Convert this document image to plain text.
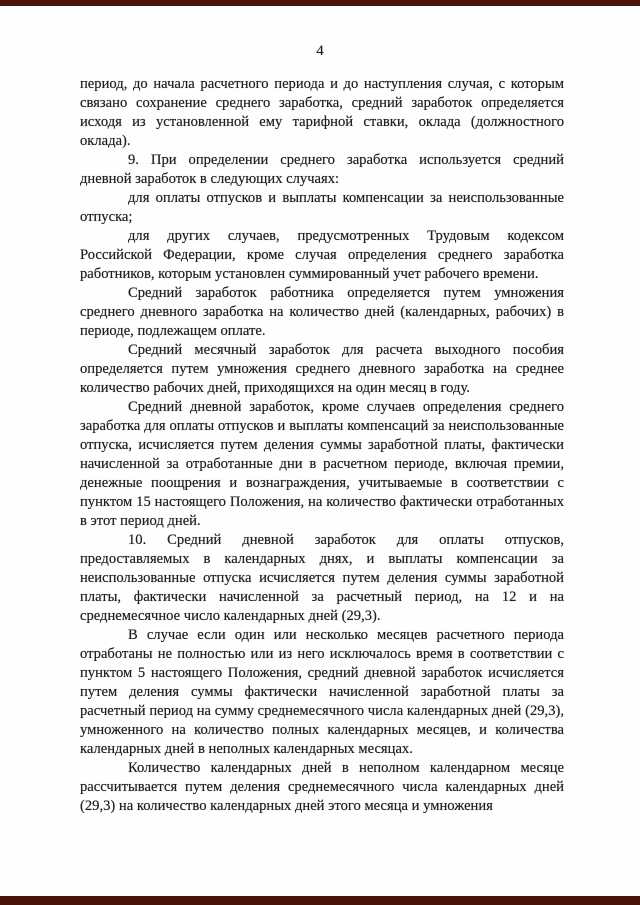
4

период, до начала расчетного периода и до наступления случая, с которым связано сохранение среднего заработка, средний заработок определяется исходя из установленной ему тарифной ставки, оклада (должностного оклада).

9. При определении среднего заработка используется средний дневной заработок в следующих случаях:

для оплаты отпусков и выплаты компенсации за неиспользованные отпуска;

для других случаев, предусмотренных Трудовым кодексом Российской Федерации, кроме случая определения среднего заработка работников, которым установлен суммированный учет рабочего времени.

Средний заработок работника определяется путем умножения среднего дневного заработка на количество дней (календарных, рабочих) в периоде, подлежащем оплате.

Средний месячный заработок для расчета выходного пособия определяется путем умножения среднего дневного заработка на среднее количество рабочих дней, приходящихся на один месяц в году.

Средний дневной заработок, кроме случаев определения среднего заработка для оплаты отпусков и выплаты компенсаций за неиспользованные отпуска, исчисляется путем деления суммы заработной платы, фактически начисленной за отработанные дни в расчетном периоде, включая премии, денежные поощрения и вознаграждения, учитываемые в соответствии с пунктом 15 настоящего Положения, на количество фактически отработанных в этот период дней.

10. Средний дневной заработок для оплаты отпусков, предоставляемых в календарных днях, и выплаты компенсации за неиспользованные отпуска исчисляется путем деления суммы заработной платы, фактически начисленной за расчетный период, на 12 и на среднемесячное число календарных дней (29,3).

В случае если один или несколько месяцев расчетного периода отработаны не полностью или из него исключалось время в соответствии с пунктом 5 настоящего Положения, средний дневной заработок исчисляется путем деления суммы фактически начисленной заработной платы за расчетный период на сумму среднемесячного числа календарных дней (29,3), умноженного на количество полных календарных месяцев, и количества календарных дней в неполных календарных месяцах.

Количество календарных дней в неполном календарном месяце рассчитывается путем деления среднемесячного числа календарных дней (29,3) на количество календарных дней этого месяца и умножения
